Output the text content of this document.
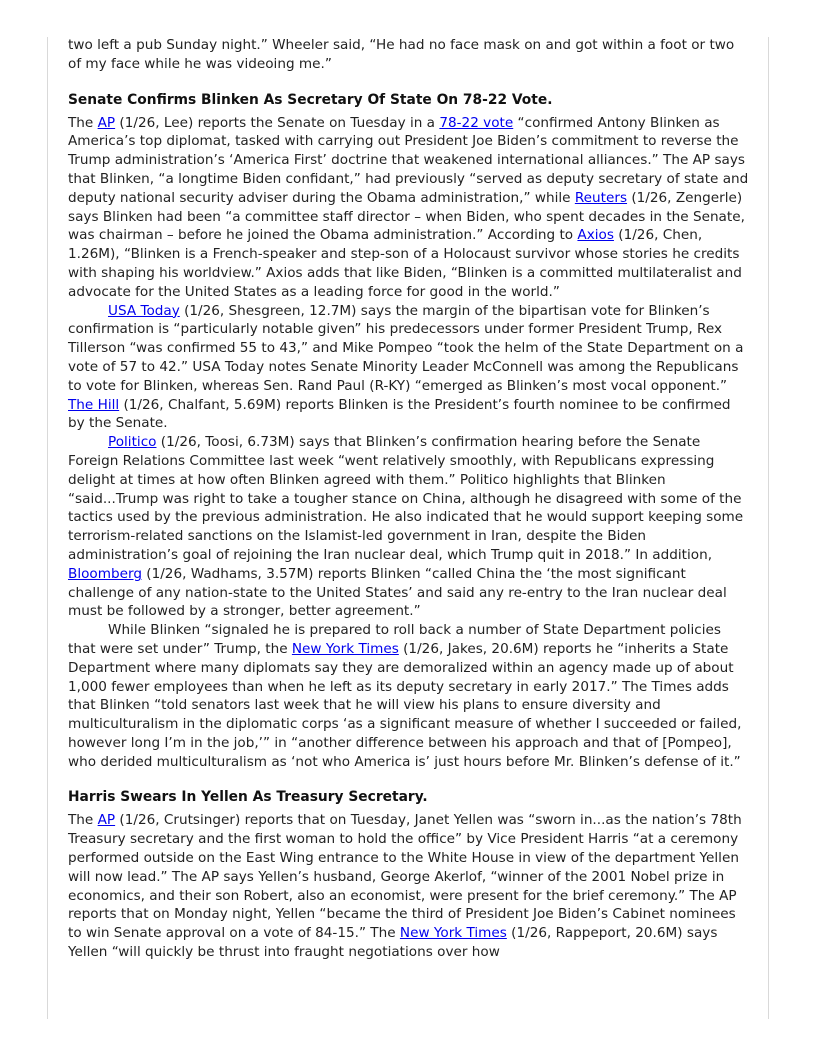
two left a pub Sunday night.” Wheeler said, “He had no face mask on and got within a foot or two of my face while he was videoing me.”

Senate Confirms Blinken As Secretary Of State On 78-22 Vote.

The AP (1/26, Lee) reports the Senate on Tuesday in a 78-22 vote “confirmed Antony Blinken as America’s top diplomat, tasked with carrying out President Joe Biden’s commitment to reverse the Trump administration’s ‘America First’ doctrine that weakened international alliances.” The AP says that Blinken, “a longtime Biden confidant,” had previously “served as deputy secretary of state and deputy national security adviser during the Obama administration,” while Reuters (1/26, Zengerle) says Blinken had been “a committee staff director – when Biden, who spent decades in the Senate, was chairman – before he joined the Obama administration.” According to Axios (1/26, Chen, 1.26M), “Blinken is a French-speaker and step-son of a Holocaust survivor whose stories he credits with shaping his worldview.” Axios adds that like Biden, “Blinken is a committed multilateralist and advocate for the United States as a leading force for good in the world.”

USA Today (1/26, Shesgreen, 12.7M) says the margin of the bipartisan vote for Blinken’s confirmation is “particularly notable given” his predecessors under former President Trump, Rex Tillerson “was confirmed 55 to 43,” and Mike Pompeo “took the helm of the State Department on a vote of 57 to 42.” USA Today notes Senate Minority Leader McConnell was among the Republicans to vote for Blinken, whereas Sen. Rand Paul (R-KY) “emerged as Blinken’s most vocal opponent.” The Hill (1/26, Chalfant, 5.69M) reports Blinken is the President’s fourth nominee to be confirmed by the Senate.

Politico (1/26, Toosi, 6.73M) says that Blinken’s confirmation hearing before the Senate Foreign Relations Committee last week “went relatively smoothly, with Republicans expressing delight at times at how often Blinken agreed with them.” Politico highlights that Blinken “said...Trump was right to take a tougher stance on China, although he disagreed with some of the tactics used by the previous administration. He also indicated that he would support keeping some terrorism-related sanctions on the Islamist-led government in Iran, despite the Biden administration’s goal of rejoining the Iran nuclear deal, which Trump quit in 2018.” In addition, Bloomberg (1/26, Wadhams, 3.57M) reports Blinken “called China the ‘the most significant challenge of any nation-state to the United States’ and said any re-entry to the Iran nuclear deal must be followed by a stronger, better agreement.”

While Blinken “signaled he is prepared to roll back a number of State Department policies that were set under” Trump, the New York Times (1/26, Jakes, 20.6M) reports he “inherits a State Department where many diplomats say they are demoralized within an agency made up of about 1,000 fewer employees than when he left as its deputy secretary in early 2017.” The Times adds that Blinken “told senators last week that he will view his plans to ensure diversity and multiculturalism in the diplomatic corps ‘as a significant measure of whether I succeeded or failed, however long I’m in the job,’” in “another difference between his approach and that of [Pompeo], who derided multiculturalism as ‘not who America is’ just hours before Mr. Blinken’s defense of it.”

Harris Swears In Yellen As Treasury Secretary.

The AP (1/26, Crutsinger) reports that on Tuesday, Janet Yellen was “sworn in...as the nation’s 78th Treasury secretary and the first woman to hold the office” by Vice President Harris “at a ceremony performed outside on the East Wing entrance to the White House in view of the department Yellen will now lead.” The AP says Yellen’s husband, George Akerlof, “winner of the 2001 Nobel prize in economics, and their son Robert, also an economist, were present for the brief ceremony.” The AP reports that on Monday night, Yellen “became the third of President Joe Biden’s Cabinet nominees to win Senate approval on a vote of 84-15.” The New York Times (1/26, Rappeport, 20.6M) says Yellen “will quickly be thrust into fraught negotiations over how
